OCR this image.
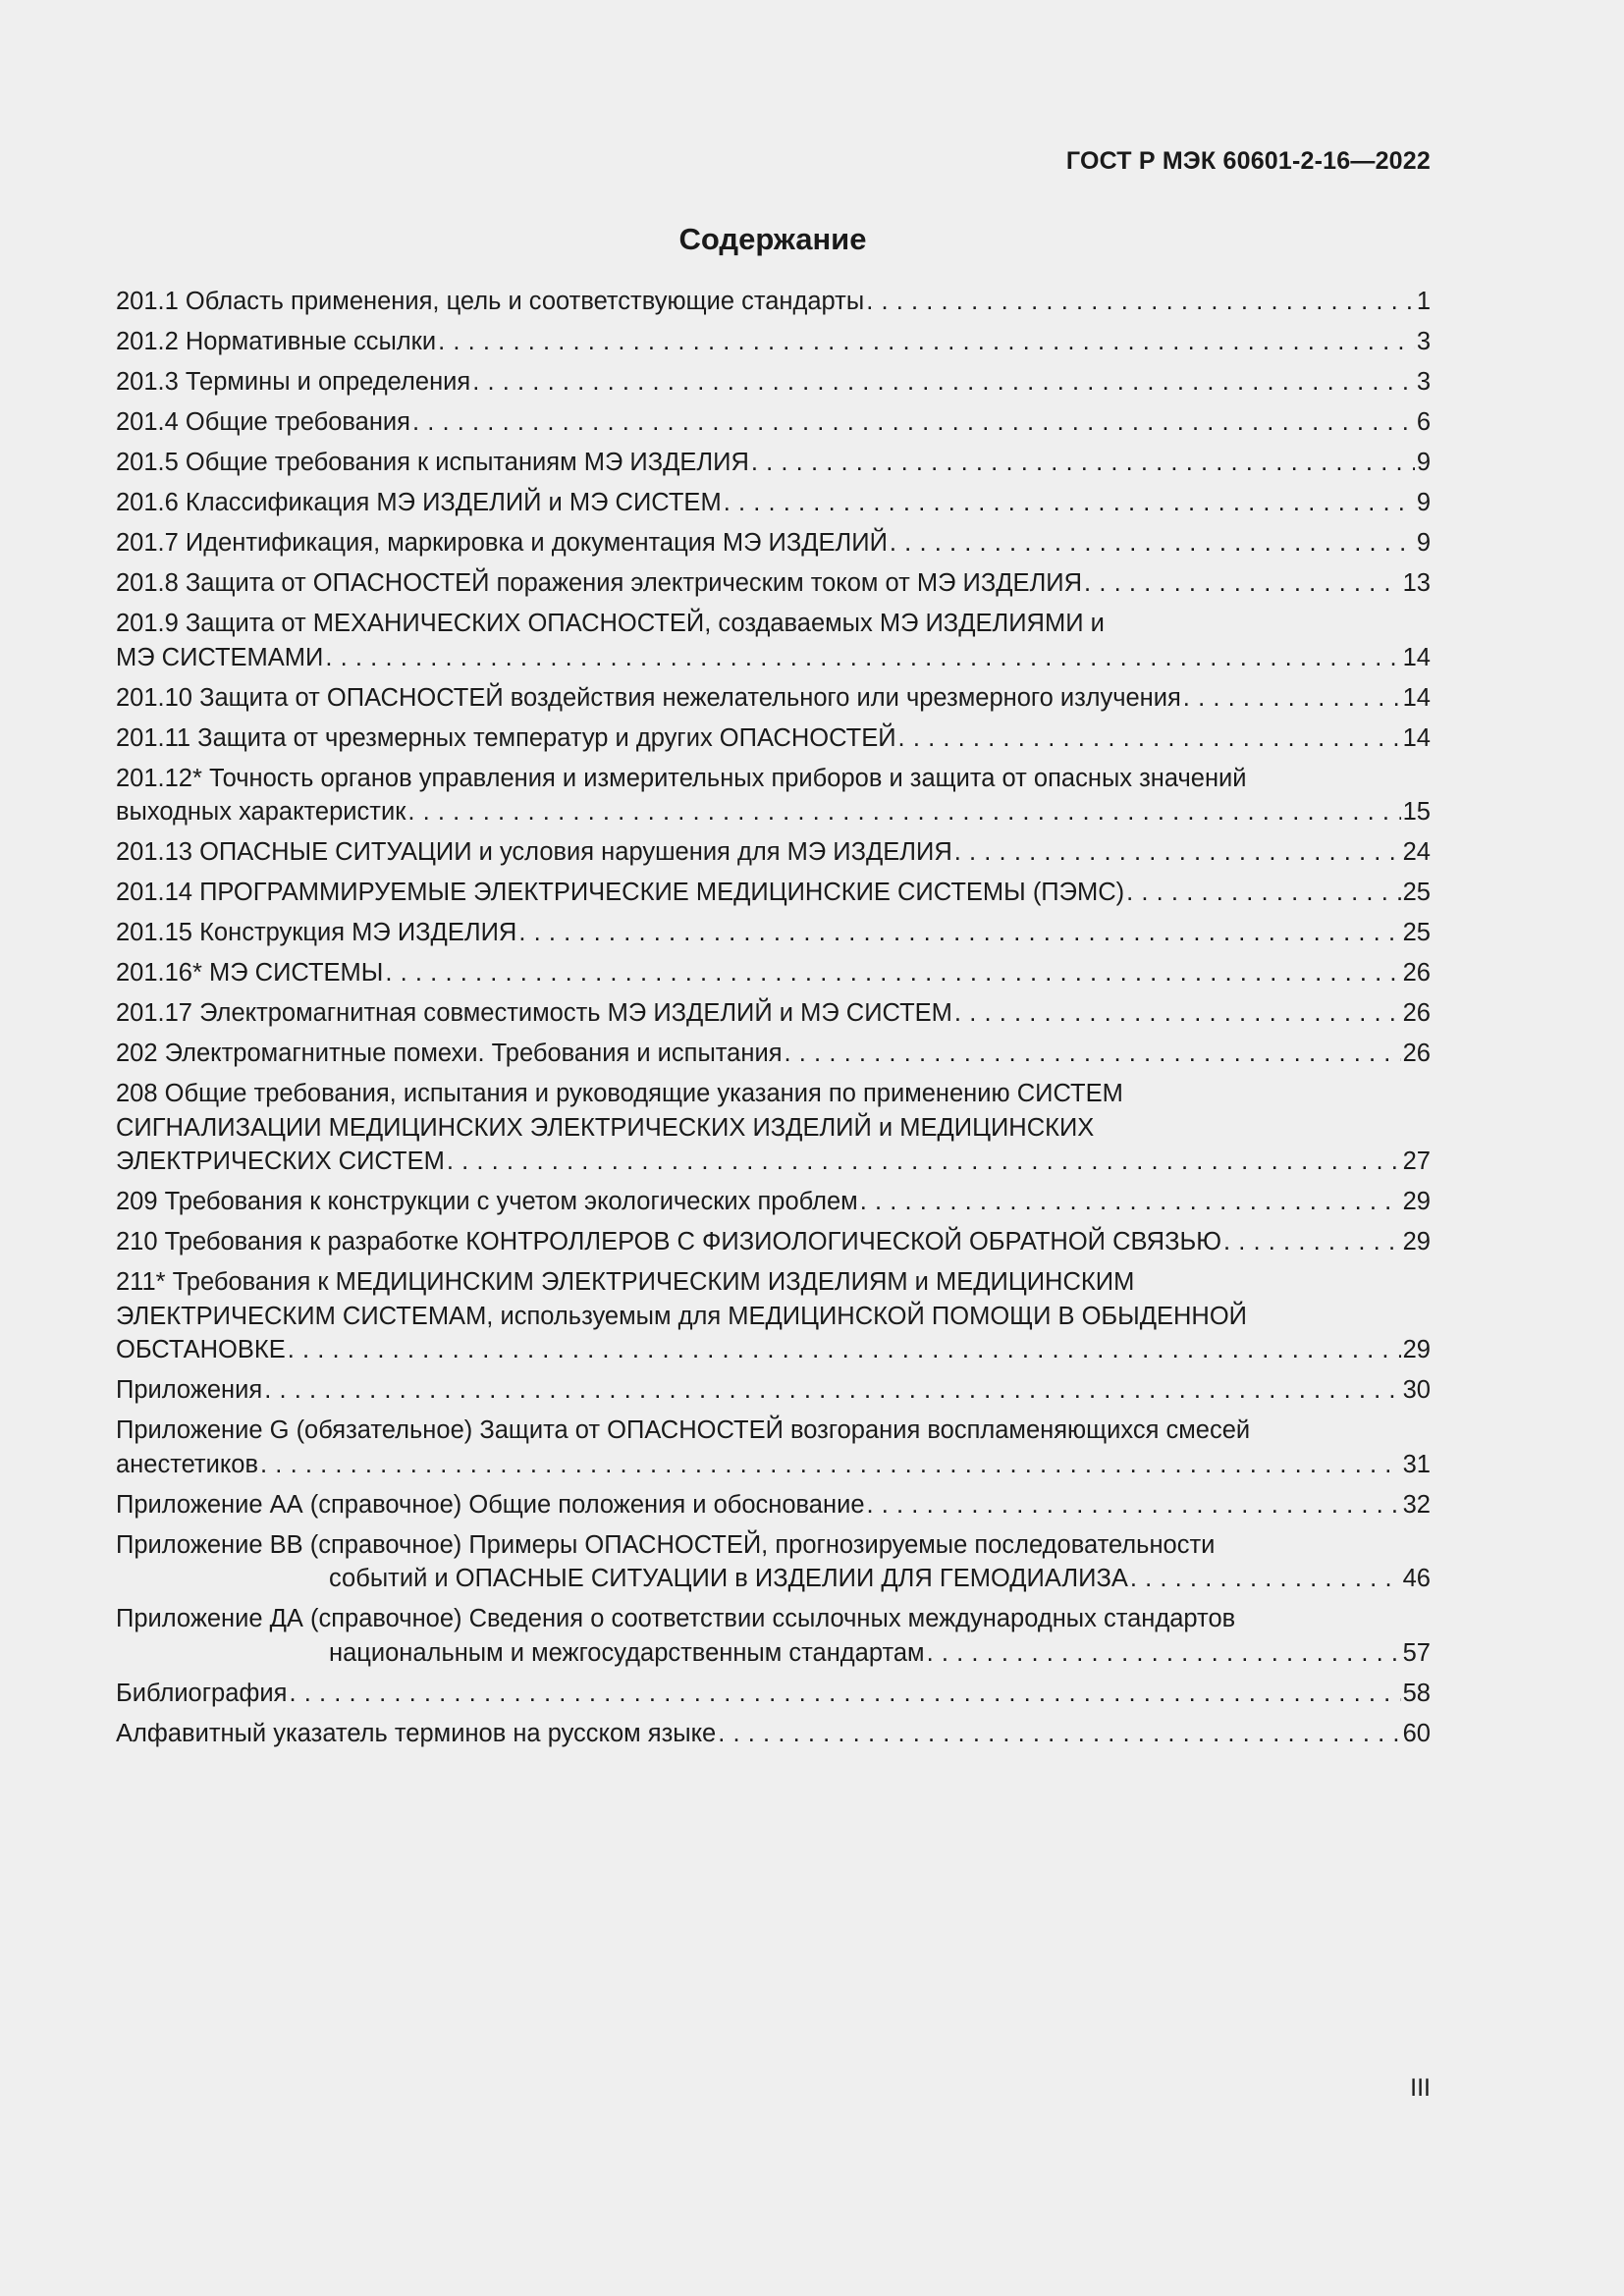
ГОСТ Р МЭК 60601-2-16—2022

Содержание
201.1 Область применения, цель и соответствующие стандарты . . .	1
201.2 Нормативные ссылки . . .	3
201.3 Термины и определения . . .	3
201.4 Общие требования . . .	6
201.5 Общие требования к испытаниям МЭ ИЗДЕЛИЯ . . .	9
201.6 Классификация МЭ ИЗДЕЛИЙ и МЭ СИСТЕМ . . .	9
201.7 Идентификация, маркировка и документация МЭ ИЗДЕЛИЙ . . .	9
201.8 Защита от ОПАСНОСТЕЙ поражения электрическим током от МЭ ИЗДЕЛИЯ . . .	13
201.9 Защита от МЕХАНИЧЕСКИХ ОПАСНОСТЕЙ, создаваемых МЭ ИЗДЕЛИЯМИ и
МЭ СИСТЕМАМИ . . .	14
201.10 Защита от ОПАСНОСТЕЙ воздействия нежелательного или чрезмерного излучения . . .	14
201.11 Защита от чрезмерных температур и других ОПАСНОСТЕЙ . . .	14
201.12* Точность органов управления и измерительных приборов и защита от опасных значений
выходных характеристик . . .	15
201.13 ОПАСНЫЕ СИТУАЦИИ и условия нарушения для МЭ ИЗДЕЛИЯ . . .	24
201.14 ПРОГРАММИРУЕМЫЕ ЭЛЕКТРИЧЕСКИЕ МЕДИЦИНСКИЕ СИСТЕМЫ (ПЭМС) . . .	25
201.15 Конструкция МЭ ИЗДЕЛИЯ . . .	25
201.16* МЭ СИСТЕМЫ . . .	26
201.17 Электромагнитная совместимость МЭ ИЗДЕЛИЙ и МЭ СИСТЕМ . . .	26
202 Электромагнитные помехи. Требования и испытания . . .	26
208 Общие требования, испытания и руководящие указания по применению СИСТЕМ
СИГНАЛИЗАЦИИ МЕДИЦИНСКИХ ЭЛЕКТРИЧЕСКИХ ИЗДЕЛИЙ и МЕДИЦИНСКИХ
ЭЛЕКТРИЧЕСКИХ СИСТЕМ . . .	27
209 Требования к конструкции с учетом экологических проблем . . .	29
210 Требования к разработке КОНТРОЛЛЕРОВ С ФИЗИОЛОГИЧЕСКОЙ ОБРАТНОЙ СВЯЗЬЮ . . .	29
211* Требования к МЕДИЦИНСКИМ ЭЛЕКТРИЧЕСКИМ ИЗДЕЛИЯМ и МЕДИЦИНСКИМ
ЭЛЕКТРИЧЕСКИМ СИСТЕМАМ, используемым для МЕДИЦИНСКОЙ ПОМОЩИ В ОБЫДЕННОЙ
ОБСТАНОВКЕ . . .	29
Приложения . . .	30
Приложение G (обязательное) Защита от ОПАСНОСТЕЙ возгорания воспламеняющихся смесей
анестетиков . . .	31
Приложение АА (справочное) Общие положения и обоснование . . .	32
Приложение ВВ (справочное) Примеры ОПАСНОСТЕЙ, прогнозируемые последовательности
событий и ОПАСНЫЕ СИТУАЦИИ в ИЗДЕЛИИ ДЛЯ ГЕМОДИАЛИЗА . . .	46
Приложение ДА (справочное) Сведения о соответствии ссылочных международных стандартов
национальным и межгосударственным стандартам . . .	57
Библиография . . .	58
Алфавитный указатель терминов на русском языке . . .	60

III
